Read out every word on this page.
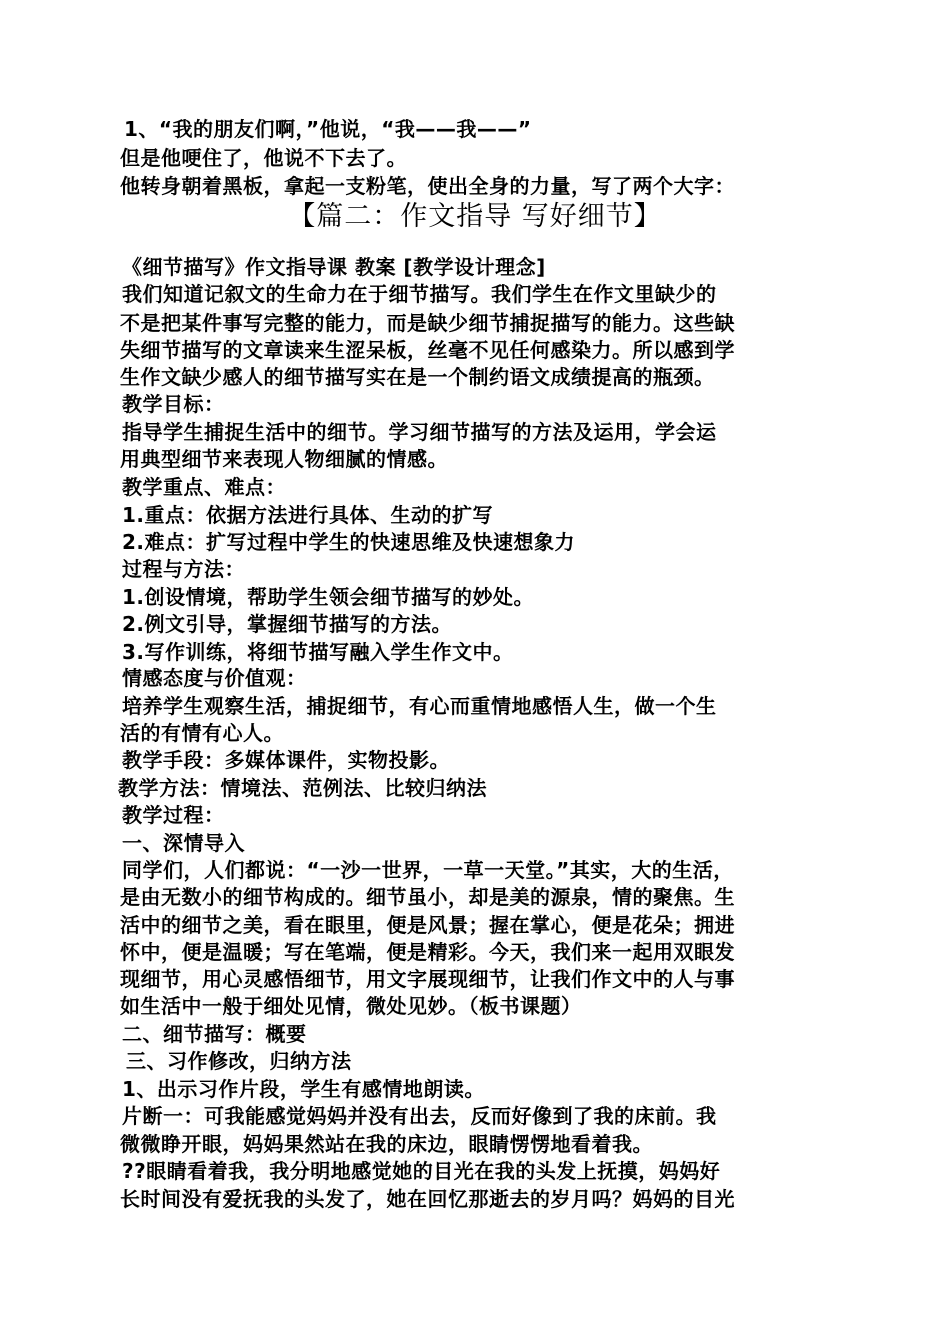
1、“我的朋友们啊，”他说，“我——我——”
但是他哽住了，他说不下去了。
他转身朝着黑板，拿起一支粉笔，使出全身的力量，写了两个大字：
【篇二：作文指导 写好细节】
《细节描写》作文指导课 教案 [教学设计理念]
我们知道记叙文的生命力在于细节描写。我们学生在作文里缺少的
不是把某件事写完整的能力，而是缺少细节捕捉描写的能力。这些缺
失细节描写的文章读来生涩呆板，丝毫不见任何感染力。所以感到学
生作文缺少感人的细节描写实在是一个制约语文成绩提高的瓶颈。
教学目标：
指导学生捕捉生活中的细节。学习细节描写的方法及运用，学会运
用典型细节来表现人物细腻的情感。
教学重点、难点：
1.重点：依据方法进行具体、生动的扩写
2.难点：扩写过程中学生的快速思维及快速想象力
过程与方法：
1.创设情境，帮助学生领会细节描写的妙处。
2.例文引导，掌握细节描写的方法。
3.写作训练，将细节描写融入学生作文中。
情感态度与价值观：
培养学生观察生活，捕捉细节，有心而重情地感悟人生，做一个生
活的有情有心人。
教学手段：多媒体课件，实物投影。
教学方法：情境法、范例法、比较归纳法
教学过程：
一、深情导入
同学们，人们都说：“一沙一世界，一草一天堂。”其实，大的生活，
是由无数小的细节构成的。细节虽小，却是美的源泉，情的聚焦。生
活中的细节之美，看在眼里，便是风景；握在掌心，便是花朵；拥进
怀中，便是温暖；写在笔端，便是精彩。今天，我们来一起用双眼发
现细节，用心灵感悟细节，用文字展现细节，让我们作文中的人与事
如生活中一般于细处见情，微处见妙。（板书课题）
二、细节描写：概要
三、习作修改，归纳方法
1、出示习作片段，学生有感情地朗读。
片断一：可我能感觉妈妈并没有出去，反而好像到了我的床前。我
微微睁开眼，妈妈果然站在我的床边，眼睛愣愣地看着我。
??眼睛看着我，我分明地感觉她的目光在我的头发上抚摸，妈妈好
长时间没有爱抚我的头发了，她在回忆那逝去的岁月吗？妈妈的目光
